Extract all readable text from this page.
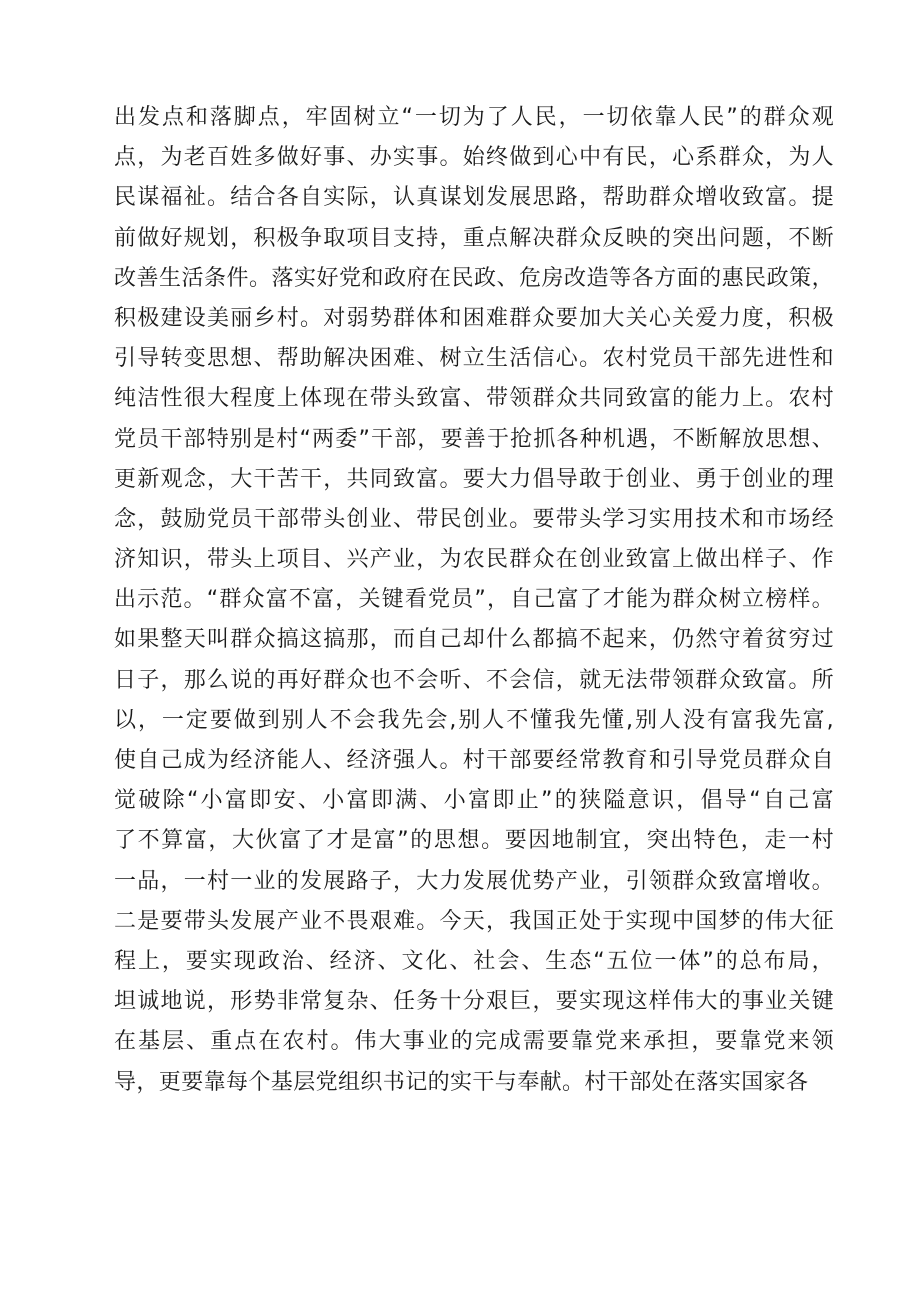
出发点和落脚点，牢固树立“一切为了人民，一切依靠人民”的群众观
点，为老百姓多做好事、办实事。始终做到心中有民，心系群众，为人
民谋福祉。结合各自实际，认真谋划发展思路，帮助群众增收致富。提
前做好规划，积极争取项目支持，重点解决群众反映的突出问题，不断
改善生活条件。落实好党和政府在民政、危房改造等各方面的惠民政策，
积极建设美丽乡村。对弱势群体和困难群众要加大关心关爱力度，积极
引导转变思想、帮助解决困难、树立生活信心。农村党员干部先进性和
纯洁性很大程度上体现在带头致富、带领群众共同致富的能力上。农村
党员干部特别是村“两委”干部，要善于抢抓各种机遇，不断解放思想、
更新观念，大干苦干，共同致富。要大力倡导敢于创业、勇于创业的理
念，鼓励党员干部带头创业、带民创业。要带头学习实用技术和市场经
济知识，带头上项目、兴产业，为农民群众在创业致富上做出样子、作
出示范。“群众富不富，关键看党员”，自己富了才能为群众树立榜样。
如果整天叫群众搞这搞那，而自己却什么都搞不起来，仍然守着贫穷过
日子，那么说的再好群众也不会听、不会信，就无法带领群众致富。所
以，一定要做到别人不会我先会,别人不懂我先懂,别人没有富我先富,
使自己成为经济能人、经济强人。村干部要经常教育和引导党员群众自
觉破除“小富即安、小富即满、小富即止”的狭隘意识，倡导“自己富
了不算富，大伙富了才是富”的思想。要因地制宜，突出特色，走一村
一品，一村一业的发展路子，大力发展优势产业，引领群众致富增收。
二是要带头发展产业不畏艰难。今天，我国正处于实现中国梦的伟大征
程上，要实现政治、经济、文化、社会、生态“五位一体”的总布局，
坦诚地说，形势非常复杂、任务十分艰巨，要实现这样伟大的事业关键
在基层、重点在农村。伟大事业的完成需要靠党来承担，要靠党来领
导，更要靠每个基层党组织书记的实干与奉献。村干部处在落实国家各
